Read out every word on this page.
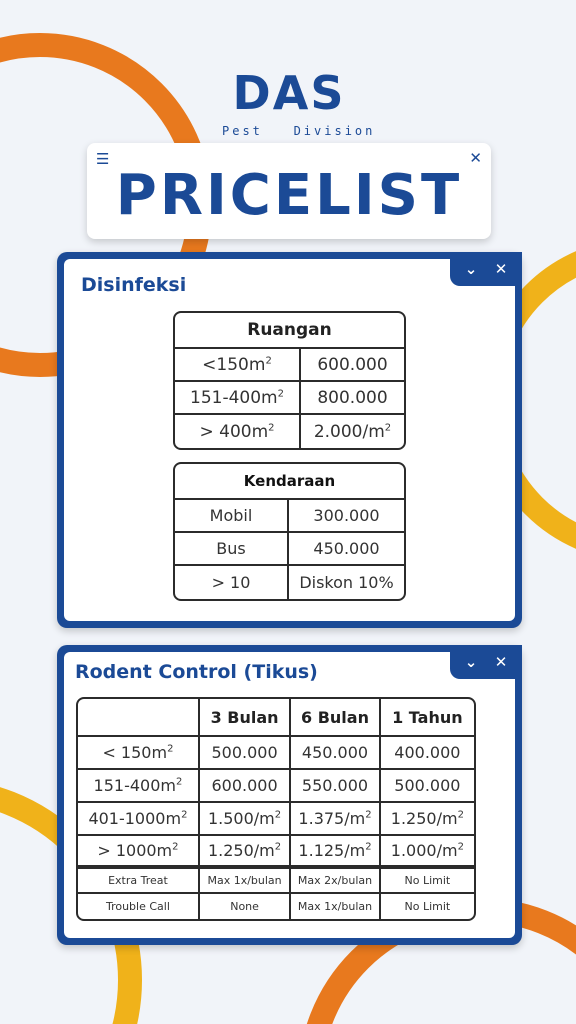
DAS
Pest   Division
☰	✕
PRICELIST
⌄ ✕
Disinfeksi
Ruangan	
$<150m^2$	600.000
$151-400m^2$	800.000
> $400m^2$	$2.000/m^2$
Kendaraan	
Mobil	300.000
Bus	450.000
> 10	Diskon 10%
⌄ ✕
Rodent Control (Tikus)
	3 Bulan	6 Bulan	1 Tahun
< $150m^2$	500.000	450.000	400.000
$151-400m^2$	600.000	550.000	500.000
$401-1000m^2$	$1.500/m^2$	$1.375/m^2$	$1.250/m^2$
> $1000m^2$	$1.250/m^2$	$1.125/m^2$	$1.000/m^2$
Extra Treat	Max 1x/bulan	Max 2x/bulan	No Limit
Trouble Call	None	Max 1x/bulan	No Limit
